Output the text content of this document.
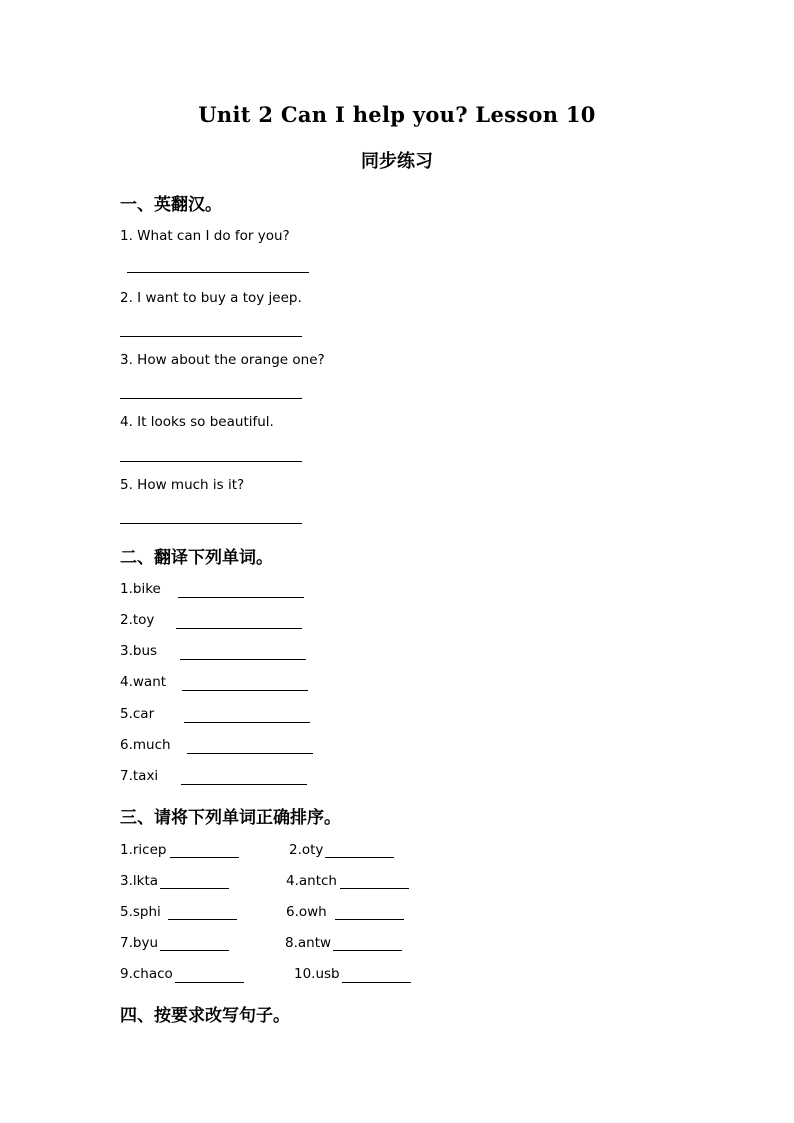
Unit 2 Can I help you? Lesson 10
同步练习
一、英翻汉。
1. What can I do for you?
2. I want to buy a toy jeep.
3. How about the orange one?
4. It looks so beautiful.
5. How much is it?
二、翻译下列单词。
1.bike
2.toy
3.bus
4.want
5.car
6.much
7.taxi
三、请将下列单词正确排序。
1.ricep	2.oty
3.lkta	4.antch
5.sphi	6.owh
7.byu	8.antw
9.chaco	10.usb
四、按要求改写句子。
